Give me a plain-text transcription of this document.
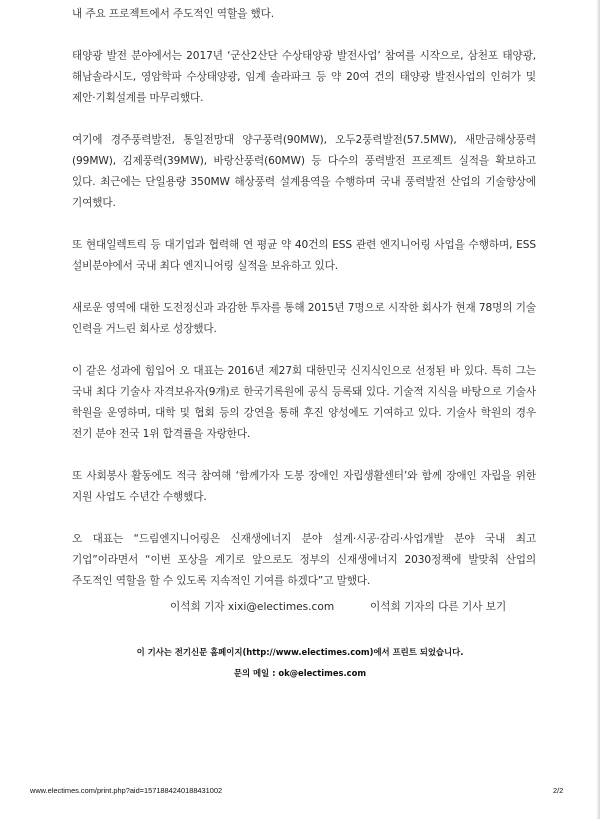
내 주요 프로젝트에서 주도적인 역할을 했다.

태양광 발전 분야에서는 2017년 ‘군산2산단 수상태양광 발전사업’ 참여를 시작으로, 삼천포 태양광, 해남솔라시도, 영암학파 수상태양광, 임계 솔라파크 등 약 20여 건의 태양광 발전사업의 인허가 및 제안·기획설계를 마무리했다.

여기에 경주풍력발전, 통일전망대 양구풍력(90MW), 오두2풍력발전(57.5MW), 새만금해상풍력(99MW), 김제풍력(39MW), 바랑산풍력(60MW) 등 다수의 풍력발전 프로젝트 실적을 확보하고 있다. 최근에는 단일용량 350MW 해상풍력 설계용역을 수행하며 국내 풍력발전 산업의 기술향상에 기여했다.

또 현대일렉트릭 등 대기업과 협력해 연 평균 약 40건의 ESS 관련 엔지니어링 사업을 수행하며, ESS 설비분야에서 국내 최다 엔지니어링 실적을 보유하고 있다.

새로운 영역에 대한 도전정신과 과감한 투자를 통해 2015년 7명으로 시작한 회사가 현재 78명의 기술 인력을 거느린 회사로 성장했다.

이 같은 성과에 힘입어 오 대표는 2016년 제27회 대한민국 신지식인으로 선정된 바 있다. 특히 그는 국내 최다 기술사 자격보유자(9개)로 한국기록원에 공식 등록돼 있다. 기술적 지식을 바탕으로 기술사 학원을 운영하며, 대학 및 협회 등의 강연을 통해 후진 양성에도 기여하고 있다. 기술사 학원의 경우 전기 분야 전국 1위 합격률을 자랑한다.

또 사회봉사 활동에도 적극 참여해 ‘함께가자 도봉 장애인 자립생활센터’와 함께 장애인 자립을 위한 지원 사업도 수년간 수행했다.

오 대표는 “드림엔지니어링은 신재생에너지 분야 설계·시공·감리·사업개발 분야 국내 최고 기업”이라면서 “이번 포상을 계기로 앞으로도 정부의 신재생에너지 2030정책에 발맞춰 산업의 주도적인 역할을 할 수 있도록 지속적인 기여를 하겠다”고 말했다.

이석희 기자 xixi@electimes.com	이석희 기자의 다른 기사 보기
이 기사는 전기신문 홈페이지(http://www.electimes.com)에서 프린트 되었습니다.
문의 메일 : ok@electimes.com
www.electimes.com/print.php?aid=1571884240188431002	2/2
